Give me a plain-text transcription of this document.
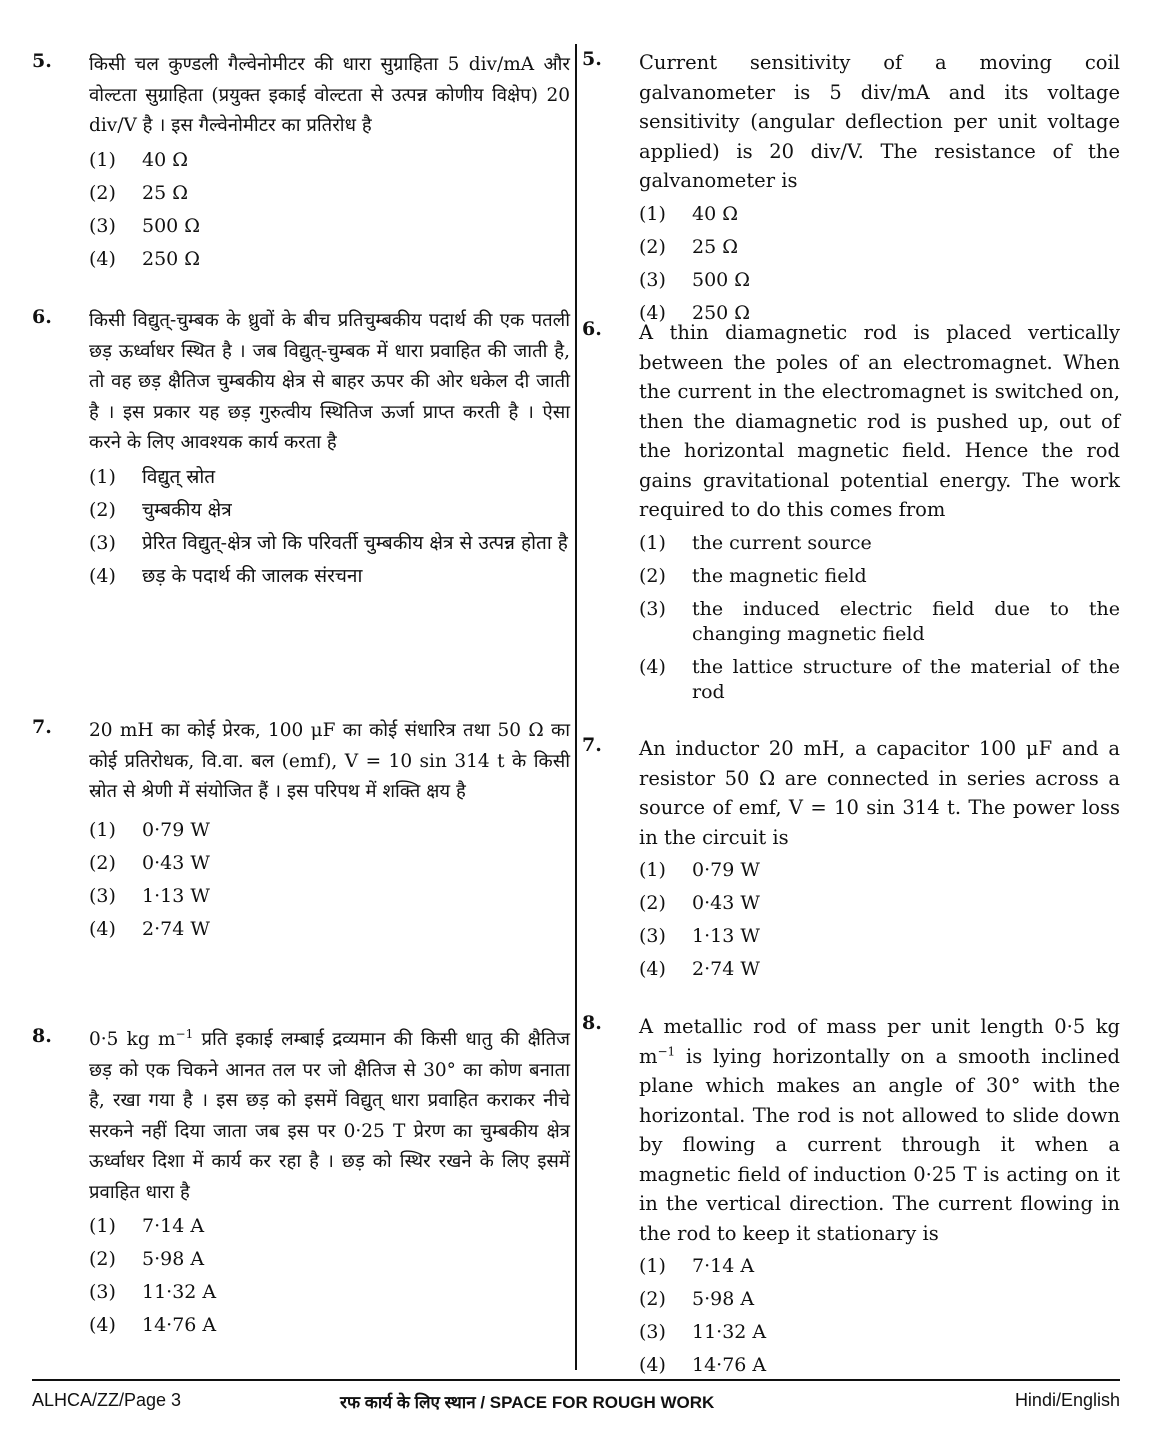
5. किसी चल कुण्डली गैल्वेनोमीटर की धारा सुग्राहिता 5 div/mA और वोल्टता सुग्राहिता (प्रयुक्त इकाई वोल्टता से उत्पन्न कोणीय विक्षेप) 20 div/V है । इस गैल्वेनोमीटर का प्रतिरोध है
(1)	40 Ω
(2)	25 Ω
(3)	500 Ω
(4)	250 Ω
6. किसी विद्युत्-चुम्बक के ध्रुवों के बीच प्रतिचुम्बकीय पदार्थ की एक पतली छड़ ऊर्ध्वाधर स्थित है । जब विद्युत्-चुम्बक में धारा प्रवाहित की जाती है, तो वह छड़ क्षैतिज चुम्बकीय क्षेत्र से बाहर ऊपर की ओर धकेल दी जाती है । इस प्रकार यह छड़ गुरुत्वीय स्थितिज ऊर्जा प्राप्त करती है । ऐसा करने के लिए आवश्यक कार्य करता है
(1)	विद्युत् स्रोत
(2)	चुम्बकीय क्षेत्र
(3)	प्रेरित विद्युत्-क्षेत्र जो कि परिवर्ती चुम्बकीय क्षेत्र से उत्पन्न होता है
(4)	छड़ के पदार्थ की जालक संरचना
7. 20 mH का कोई प्रेरक, 100 μF का कोई संधारित्र तथा 50 Ω का कोई प्रतिरोधक, वि.वा. बल (emf), V = 10 sin 314 t के किसी स्रोत से श्रेणी में संयोजित हैं । इस परिपथ में शक्ति क्षय है
(1)	0·79 W
(2)	0·43 W
(3)	1·13 W
(4)	2·74 W
8. 0·5 kg $m^{-1}$ प्रति इकाई लम्बाई द्रव्यमान की किसी धातु की क्षैतिज छड़ को एक चिकने आनत तल पर जो क्षैतिज से 30° का कोण बनाता है, रखा गया है । इस छड़ को इसमें विद्युत् धारा प्रवाहित कराकर नीचे सरकने नहीं दिया जाता जब इस पर 0·25 T प्रेरण का चुम्बकीय क्षेत्र ऊर्ध्वाधर दिशा में कार्य कर रहा है । छड़ को स्थिर रखने के लिए इसमें प्रवाहित धारा है
(1)	7·14 A
(2)	5·98 A
(3)	11·32 A
(4)	14·76 A
5. Current sensitivity of a moving coil galvanometer is 5 div/mA and its voltage sensitivity (angular deflection per unit voltage applied) is 20 div/V. The resistance of the galvanometer is
(1)	40 Ω
(2)	25 Ω
(3)	500 Ω
(4)	250 Ω
6. A thin diamagnetic rod is placed vertically between the poles of an electromagnet. When the current in the electromagnet is switched on, then the diamagnetic rod is pushed up, out of the horizontal magnetic field. Hence the rod gains gravitational potential energy. The work required to do this comes from
(1)	the current source
(2)	the magnetic field
(3)	the induced electric field due to the changing magnetic field
(4)	the lattice structure of the material of the rod
7. An inductor 20 mH, a capacitor 100 μF and a resistor 50 Ω are connected in series across a source of emf, V = 10 sin 314 t. The power loss in the circuit is
(1)	0·79 W
(2)	0·43 W
(3)	1·13 W
(4)	2·74 W
8. A metallic rod of mass per unit length 0·5 kg $m^{-1}$ is lying horizontally on a smooth inclined plane which makes an angle of 30° with the horizontal. The rod is not allowed to slide down by flowing a current through it when a magnetic field of induction 0·25 T is acting on it in the vertical direction. The current flowing in the rod to keep it stationary is
(1)	7·14 A
(2)	5·98 A
(3)	11·32 A
(4)	14·76 A
ALHCA/ZZ/Page 3	रफ कार्य के लिए स्थान / SPACE FOR ROUGH WORK	Hindi/English
